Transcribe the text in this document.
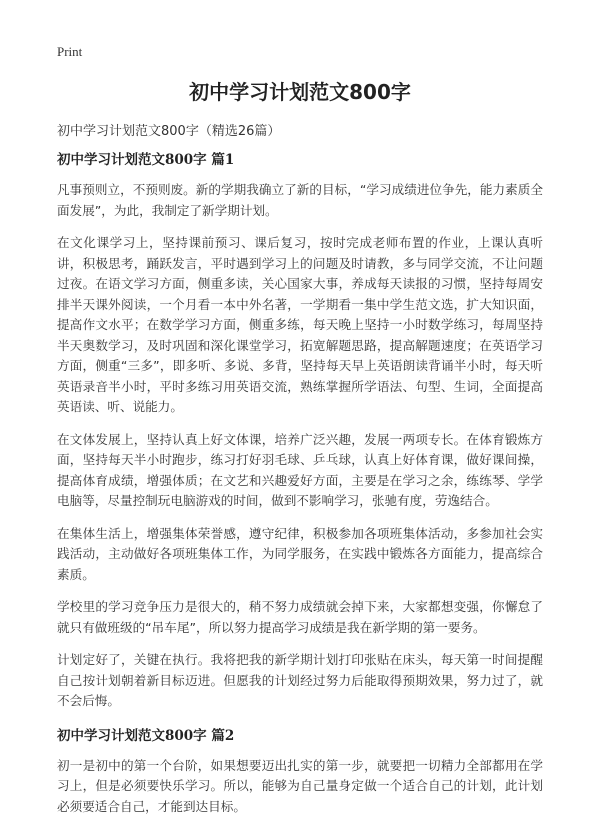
Print

初中学习计划范文800字

初中学习计划范文800字（精选26篇）

初中学习计划范文800字 篇1

凡事预则立，不预则废。新的学期我确立了新的目标，“学习成绩进位争先，能力素质全面发展”，为此，我制定了新学期计划。

在文化课学习上，坚持课前预习、课后复习，按时完成老师布置的作业，上课认真听讲，积极思考，踊跃发言，平时遇到学习上的问题及时请教，多与同学交流，不让问题过夜。在语文学习方面，侧重多读，关心国家大事，养成每天读报的习惯，坚持每周安排半天课外阅读，一个月看一本中外名著，一学期看一集中学生范文选，扩大知识面，提高作文水平；在数学学习方面，侧重多练，每天晚上坚持一小时数学练习，每周坚持半天奥数学习，及时巩固和深化课堂学习，拓宽解题思路，提高解题速度；在英语学习方面，侧重“三多”，即多听、多说、多背，坚持每天早上英语朗读背诵半小时，每天听英语录音半小时，平时多练习用英语交流，熟练掌握所学语法、句型、生词，全面提高英语读、听、说能力。

在文体发展上，坚持认真上好文体课，培养广泛兴趣，发展一两项专长。在体育锻炼方面，坚持每天半小时跑步，练习打好羽毛球、乒乓球，认真上好体育课，做好课间操，提高体育成绩，增强体质；在文艺和兴趣爱好方面，主要是在学习之余，练练琴、学学电脑等，尽量控制玩电脑游戏的时间，做到不影响学习，张驰有度，劳逸结合。

在集体生活上，增强集体荣誉感，遵守纪律，积极参加各项班集体活动，多参加社会实践活动，主动做好各项班集体工作，为同学服务，在实践中锻炼各方面能力，提高综合素质。

学校里的学习竞争压力是很大的，稍不努力成绩就会掉下来，大家都想变强，你懈怠了就只有做班级的“吊车尾”，所以努力提高学习成绩是我在新学期的第一要务。

计划定好了，关键在执行。我将把我的新学期计划打印张贴在床头，每天第一时间提醒自己按计划朝着新目标迈进。但愿我的计划经过努力后能取得预期效果，努力过了，就不会后悔。

初中学习计划范文800字 篇2

初一是初中的第一个台阶，如果想要迈出扎实的第一步，就要把一切精力全部都用在学习上，但是必须要快乐学习。所以，能够为自己量身定做一个适合自己的计划，此计划必须要适合自己，才能到达目标。
